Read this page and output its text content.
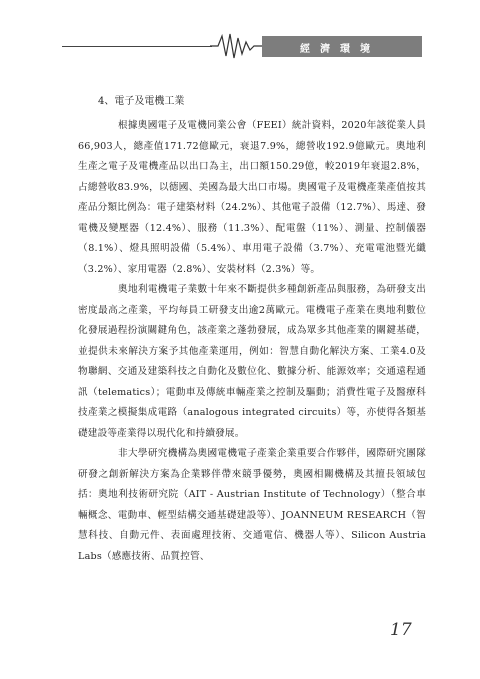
經濟環境
4、電子及電機工業

根據奧國電子及電機同業公會（FEEI）統計資料，2020年該從業人員66,903人，總產值171.72億歐元，衰退7.9%，總營收192.9億歐元。奧地利生產之電子及電機產品以出口為主，出口額150.29億，較2019年衰退2.8%，占總營收83.9%，以德國、美國為最大出口市場。奧國電子及電機產業產值按其產品分類比例為：電子建築材料（24.2%）、其他電子設備（12.7%）、馬達、發電機及變壓器（12.4%）、服務（11.3%）、配電盤（11%）、測量、控制儀器（8.1%）、燈具照明設備（5.4%）、車用電子設備（3.7%）、充電電池暨光纖（3.2%）、家用電器（2.8%）、安裝材料（2.3%）等。

奧地利電機電子業數十年來不斷提供多種創新產品與服務，為研發支出密度最高之產業，平均每員工研發支出逾2萬歐元。電機電子產業在奧地利數位化發展過程扮演關鍵角色，該產業之蓬勃發展，成為眾多其他產業的關鍵基礎，並提供未來解決方案予其他產業運用，例如：智慧自動化解決方案、工業4.0及物聯網、交通及建築科技之自動化及數位化、數據分析、能源效率；交通遠程通訊（telematics）；電動車及傳統車輛產業之控制及驅動；消費性電子及醫療科技產業之模擬集成電路（analogous integrated circuits）等，亦使得各類基礎建設等產業得以現代化和持續發展。

非大學研究機構為奧國電機電子產業企業重要合作夥伴，國際研究團隊研發之創新解決方案為企業夥伴帶來競爭優勢，奧國相關機構及其擅長領域包括：奧地利技術研究院（AIT - Austrian Institute of Technology）（整合車輛概念、電動車、輕型結構交通基礎建設等）、JOANNEUM RESEARCH（智慧科技、自動元件、表面處理技術、交通電信、機器人等）、Silicon Austria Labs（感應技術、品質控管、

17
